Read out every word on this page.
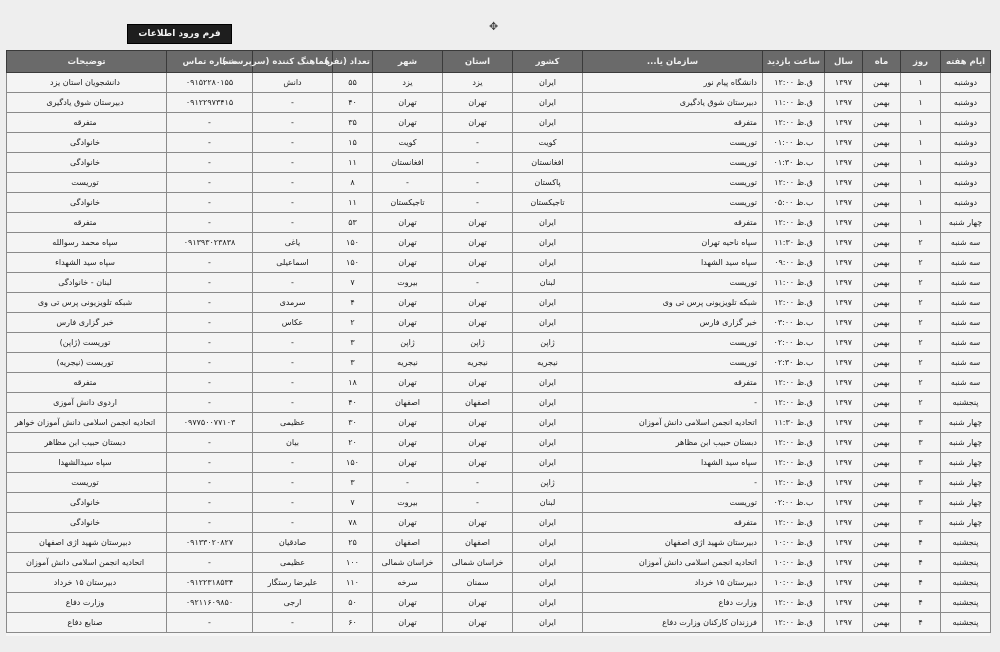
فرم ورود اطلاعات
✥
ایام هفته	روز	ماه	سال	ساعت بازدید	سازمان یا...	کشور	استان	شهر	تعداد (نفر)	هماهنگ کننده (سرپرست)	شماره تماس	توضیحات
دوشنبه	۱	بهمن	۱۳۹۷	ق.ظ ۱۲:۰۰	دانشگاه پیام نور	ایران	یزد	یزد	۵۵	دانش	۰۹۱۵۲۲۸۰۱۵۵	دانشجویان استان یزد
دوشنبه	۱	بهمن	۱۳۹۷	ق.ظ ۱۱:۰۰	دبیرستان شوق یادگیری	ایران	تهران	تهران	۴۰	-	۰۹۱۲۲۹۷۳۴۱۵	دبیرستان شوق یادگیری
دوشنبه	۱	بهمن	۱۳۹۷	ق.ظ ۱۲:۰۰	متفرقه	ایران	تهران	تهران	۳۵	-	-	متفرقه
دوشنبه	۱	بهمن	۱۳۹۷	ب.ظ ۰۱:۰۰	توریست	کویت	-	کویت	۱۵	-	-	خانوادگی
دوشنبه	۱	بهمن	۱۳۹۷	ب.ظ ۰۱:۳۰	توریست	افغانستان	-	افغانستان	۱۱	-	-	خانوادگی
دوشنبه	۱	بهمن	۱۳۹۷	ق.ظ ۱۲:۰۰	توریست	پاکستان	-	-	۸	-	-	توریست
دوشنبه	۱	بهمن	۱۳۹۷	ب.ظ ۰۵:۰۰	توریست	تاجیکستان	-	تاجیکستان	۱۱	-	-	خانوادگی
چهار شنبه	۱	بهمن	۱۳۹۷	ق.ظ ۱۲:۰۰	متفرقه	ایران	تهران	تهران	۵۳	-	-	متفرقه
سه شنبه	۲	بهمن	۱۳۹۷	ق.ظ ۱۱:۳۰	سپاه ناحیه تهران	ایران	تهران	تهران	۱۵۰	یاغی	۰۹۱۳۹۳۰۲۳۸۳۸	سپاه محمد رسوالله
سه شنبه	۲	بهمن	۱۳۹۷	ق.ظ ۰۹:۰۰	سپاه سید الشهدا	ایران	تهران	تهران	۱۵۰	اسماعیلی	-	سپاه سید الشهداء
سه شنبه	۲	بهمن	۱۳۹۷	ق.ظ ۱۱:۰۰	توریست	لبنان	-	بیروت	۷	-	-	لبنان - خانوادگی
سه شنبه	۲	بهمن	۱۳۹۷	ق.ظ ۱۲:۰۰	شبکه تلویزیونی پرس تی وی	ایران	تهران	تهران	۴	سرمدی	-	شبکه تلویزیونی پرس تی وی
سه شنبه	۲	بهمن	۱۳۹۷	ب.ظ ۰۳:۰۰	خبر گزاری فارس	ایران	تهران	تهران	۲	عکاس	-	خبر گزاری فارس
سه شنبه	۲	بهمن	۱۳۹۷	ب.ظ ۰۲:۰۰	توریست	ژاپن	ژاپن	ژاپن	۳	-	-	توریست (ژاپن)
سه شنبه	۲	بهمن	۱۳۹۷	ب.ظ ۰۲:۳۰	توریست	نیجریه	نیجریه	نیجریه	۳	-	-	توریست (نیجریه)
سه شنبه	۲	بهمن	۱۳۹۷	ق.ظ ۱۲:۰۰	متفرقه	ایران	تهران	تهران	۱۸	-	-	متفرقه
پنجشنبه	۲	بهمن	۱۳۹۷	ق.ظ ۱۲:۰۰	-	ایران	اصفهان	اصفهان	۴۰	-	-	اردوی دانش آموزی
چهار شنبه	۳	بهمن	۱۳۹۷	ق.ظ ۱۱:۳۰	اتحادیه انجمن اسلامی دانش آموزان	ایران	تهران	تهران	۳۰	عظیمی	۰۹۷۷۵۰۰۷۷۱۰۳	اتحادیه انجمن اسلامی دانش آموزان خواهر
چهار شنبه	۳	بهمن	۱۳۹۷	ق.ظ ۱۲:۰۰	دبستان حبیب ابن مظاهر	ایران	تهران	تهران	۲۰	بیان	-	دبستان حبیب ابن مظاهر
چهار شنبه	۳	بهمن	۱۳۹۷	ق.ظ ۱۲:۰۰	سپاه سید الشهدا	ایران	تهران	تهران	۱۵۰	-	-	سپاه سیدالشهدا
چهار شنبه	۳	بهمن	۱۳۹۷	ق.ظ ۱۲:۰۰	-	ژاپن	-	-	۳	-	-	توریست
چهار شنبه	۳	بهمن	۱۳۹۷	ب.ظ ۰۲:۰۰	توریست	لبنان	-	بیروت	۷	-	-	خانوادگی
چهار شنبه	۳	بهمن	۱۳۹۷	ق.ظ ۱۲:۰۰	متفرقه	ایران	تهران	تهران	۷۸	-	-	خانوادگی
پنجشنبه	۴	بهمن	۱۳۹۷	ق.ظ ۱۰:۰۰	دبیرستان شهید اژی اصفهان	ایران	اصفهان	اصفهان	۲۵	صادقیان	۰۹۱۳۳۰۲۰۸۲۷	دبیرستان شهید اژی اصفهان
پنجشنبه	۴	بهمن	۱۳۹۷	ق.ظ ۱۰:۰۰	اتحادیه انجمن اسلامی دانش آموزان	ایران	خراسان شمالی	خراسان شمالی	۱۰۰	عظیمی	-	اتحادیه انجمن اسلامی دانش آموزان
پنجشنبه	۴	بهمن	۱۳۹۷	ق.ظ ۱۰:۰۰	دبیرستان ۱۵ خرداد	ایران	سمنان	سرخه	۱۱۰	علیرضا رستگار	۰۹۱۲۲۳۱۸۵۳۴	دبیرستان ۱۵ خرداد
پنجشنبه	۴	بهمن	۱۳۹۷	ق.ظ ۱۲:۰۰	وزارت دفاع	ایران	تهران	تهران	۵۰	ارجی	۰۹۲۱۱۶۰۹۸۵۰	وزارت دفاع
پنجشنبه	۴	بهمن	۱۳۹۷	ق.ظ ۱۲:۰۰	فرزندان کارکنان وزارت دفاع	ایران	تهران	تهران	۶۰	-	-	صنایع دفاع
